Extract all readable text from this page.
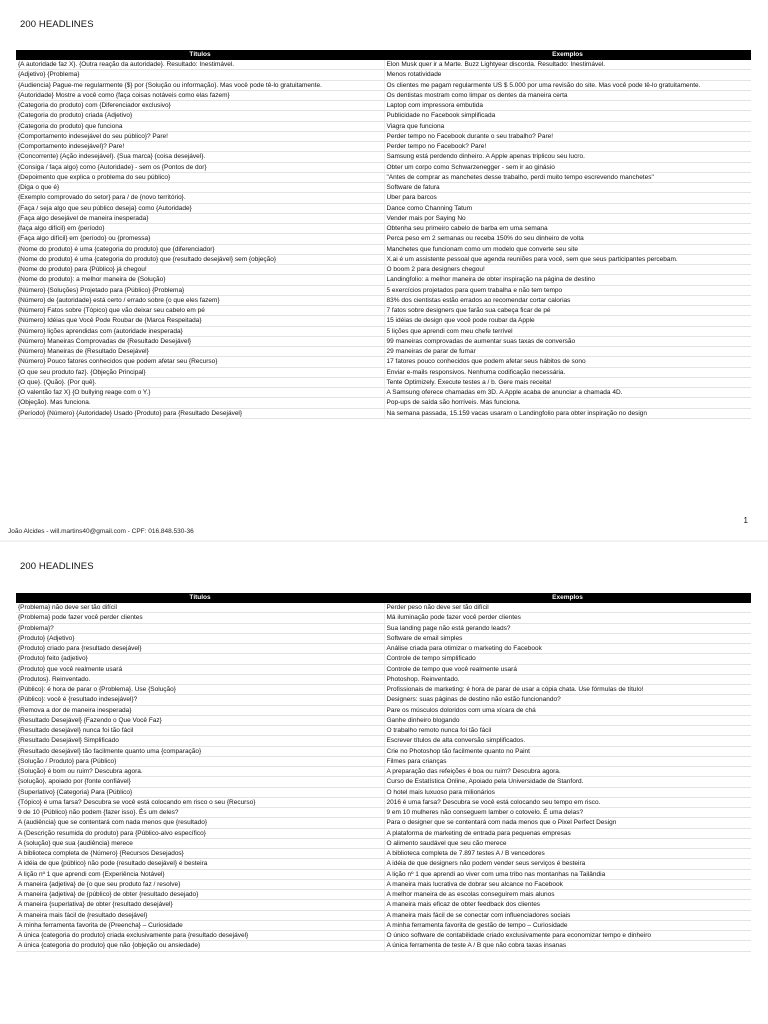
200 HEADLINES
Títulos	Exemplos
{A autoridade faz X}. {Outra reação da autoridade}. Resultado: Inestimável.	Elon Musk quer ir a Marte. Buzz Lightyear discorda. Resultado: Inestimável.
{Adjetivo} {Problema}	Menos rotatividade
{Audiencia} Pague-me regularmente {$} por {Solução ou informação}. Mas você pode tê-lo gratuitamente.	Os clientes me pagam regularmente US $ 5.000 por uma revisão do site. Mas você pode tê-lo gratuitamente.
{Autoridade} Mostre a você como {faça coisas notáveis como elas fazem}	Os dentistas mostram como limpar os dentes da maneira certa
{Categoria do produto} com {Diferenciador exclusivo}	Laptop com impressora embutida
{Categoria do produto} criada {Adjetivo}	Publicidade no Facebook simplificada
{Categoria do produto} que funciona	Viagra que funciona
{Comportamento indesejável do seu público}? Pare!	Perder tempo no Facebook durante o seu trabalho? Pare!
{Comportamento indesejável}? Pare!	Perder tempo no Facebook? Pare!
{Concorrente} {Ação indesejável}. {Sua marca} {coisa desejável}.	Samsung está perdendo dinheiro. A Apple apenas triplicou seu lucro.
{Consiga / faça algo} como {Autoridade} - sem os {Pontos de dor}	Obter um corpo como Schwarzenegger - sem ir ao ginásio
{Depoimento que explica o problema do seu público}	"Antes de comprar as manchetes desse trabalho, perdi muito tempo escrevendo manchetes"
{Diga o que é}	Software de fatura
{Exemplo comprovado do setor} para / de {novo território}.	Uber para barcos
{Faça / seja algo que seu público deseja} como {Autoridade}	Dance como Channing Tatum
{Faça algo desejável de maneira inesperada}	Vender mais por Saying No
{faça algo difícil} em {período}	Obtenha seu primeiro cabelo de barba em uma semana
{Faça algo difícil} em {período} ou {promessa}	Perca peso em 2 semanas ou receba 150% do seu dinheiro de volta
{Nome do produto} é uma {categoria do produto} que {diferenciador}	Manchetes que funcionam como um modelo que converte seu site
{Nome do produto} é uma {categoria do produto} que {resultado desejável} sem {objeção}	X.ai é um assistente pessoal que agenda reuniões para você, sem que seus participantes percebam.
{Nome do produto} para {Público} já chegou!	O boom 2 para designers chegou!
{Nome do produto}: a melhor maneira de {Solução}	Landingfolio: a melhor maneira de obter inspiração na página de destino
{Número} {Soluções} Projetado para {Público} {Problema}	5 exercícios projetados para quem trabalha e não tem tempo
{Número} de {autoridade} está certo / errado sobre {o que eles fazem}	83% dos cientistas estão errados ao recomendar cortar calorias
{Número} Fatos sobre {Tópico} que vão deixar seu cabelo em pé	7 fatos sobre designers que farão sua cabeça ficar de pé
{Número} Idéias que Você Pode Roubar de {Marca Respeitada}	15 idéias de design que você pode roubar da Apple
{Número} lições aprendidas com {autoridade inesperada}	5 lições que aprendi com meu chefe terrível
{Número} Maneiras Comprovadas de {Resultado Desejável}	99 maneiras comprovadas de aumentar suas taxas de conversão
{Número} Maneiras de {Resultado Desejável}	29 maneiras de parar de fumar
{Número} Pouco fatores conhecidos que podem afetar seu {Recurso}	17 fatores pouco conhecidos que podem afetar seus hábitos de sono
{O que seu produto faz}. {Objeção Principal}	Enviar e-mails responsivos. Nenhuma codificação necessária.
{O que}. {Quão}. {Por quê}.	Tente Optimizely. Execute testes a / b. Gere mais receita!
{O valentão faz X} {O bullying reage com o Y.}	A Samsung oferece chamadas em 3D. A Apple acaba de anunciar a chamada 4D.
{Objeção}. Mas funciona.	Pop-ups de saída são horríveis. Mas funciona.
{Período} {Número} {Autoridade} Usado {Produto} para {Resultado Desejável}	Na semana passada, 15.159 vacas usaram o Landingfolio para obter inspiração no design
1
João Alcides - will.martins40@gmail.com - CPF: 016.848.530-36
200 HEADLINES
Títulos	Exemplos
{Problema} não deve ser tão difícil	Perder peso não deve ser tão difícil
{Problema} pode fazer você perder clientes	Má iluminação pode fazer você perder clientes
{Problema}?	Sua landing page não está gerando leads?
{Produto} {Adjetivo}	Software de email simples
{Produto} criado para {resultado desejável}	Análise criada para otimizar o marketing do Facebook
{Produto} feito {adjetivo}	Controle de tempo simplificado
{Produto} que você realmente usará	Controle de tempo que você realmente usará
{Produtos}. Reinventado.	Photoshop. Reinventado.
{Público}: é hora de parar o {Problema}. Use {Solução}	Profissionais de marketing: é hora de parar de usar a cópia chata. Use fórmulas de título!
{Público}: você é {resultado indesejável}?	Designers: suas páginas de destino não estão funcionando?
{Remova a dor de maneira inesperada}	Pare os músculos doloridos com uma xícara de chá
{Resultado Desejável} {Fazendo o Que Você Faz}	Ganhe dinheiro blogando
{Resultado desejável} nunca foi tão fácil	O trabalho remoto nunca foi tão fácil
{Resultado Desejável} Simplificado	Escrever títulos de alta conversão simplificados.
{Resultado desejável} tão facilmente quanto uma {comparação}	Crie no Photoshop tão facilmente quanto no Paint
{Solução / Produto} para {Público}	Filmes para crianças
{Solução} é bom ou ruim? Descubra agora.	A preparação das refeições é boa ou ruim? Descubra agora.
{solução}, apoiado por {fonte confiável}	Curso de Estatística Online, Apoiado pela Universidade de Stanford.
{Superlativo} {Categoria} Para {Público}	O hotel mais luxuoso para milionários
{Tópico} é uma farsa? Descubra se você está colocando em risco o seu {Recurso}	2016 é uma farsa? Descubra se você está colocando seu tempo em risco.
9 de 10 {Público} não podem {fazer isso}. És um deles?	9 em 10 mulheres não conseguem lamber o cotovelo. É uma delas?
A {audiência} que se contentará com nada menos que {resultado}	Para o designer que se contentará com nada menos que o Pixel Perfect Design
A {Descrição resumida do produto} para {Público-alvo específico}	A plataforma de marketing de entrada para pequenas empresas
A {solução} que sua {audiência} merece	O alimento saudável que seu cão merece
A biblioteca completa de {Número} {Recursos Desejados}	A biblioteca completa de 7.897 testes A / B vencedores
A idéia de que {público} não pode {resultado desejável} é besteira	A idéia de que designers não podem vender seus serviços é besteira
A lição nº 1 que aprendi com {Experiência Notável}	A lição nº 1 que aprendi ao viver com uma tribo nas montanhas na Tailândia
A maneira {adjetiva} de {o que seu produto faz / resolve}	A maneira mais lucrativa de dobrar seu alcance no Facebook
A maneira {adjetiva} de {público} de obter {resultado desejado}	A melhor maneira de as escolas conseguirem mais alunos
A maneira {superlativa} de obter {resultado desejável}	A maneira mais eficaz de obter feedback dos clientes
A maneira mais fácil de {resultado desejável}	A maneira mais fácil de se conectar com influenciadores sociais
A minha ferramenta favorita de {Preencha} – Curiosidade	A minha ferramenta favorita de gestão de tempo – Curiosidade
A única {categoria do produto} criada exclusivamente para {resultado desejável}	O único software de contabilidade criado exclusivamente para economizar tempo e dinheiro
A única {categoria do produto} que não {objeção ou ansiedade}	A única ferramenta de teste A / B que não cobra taxas insanas
